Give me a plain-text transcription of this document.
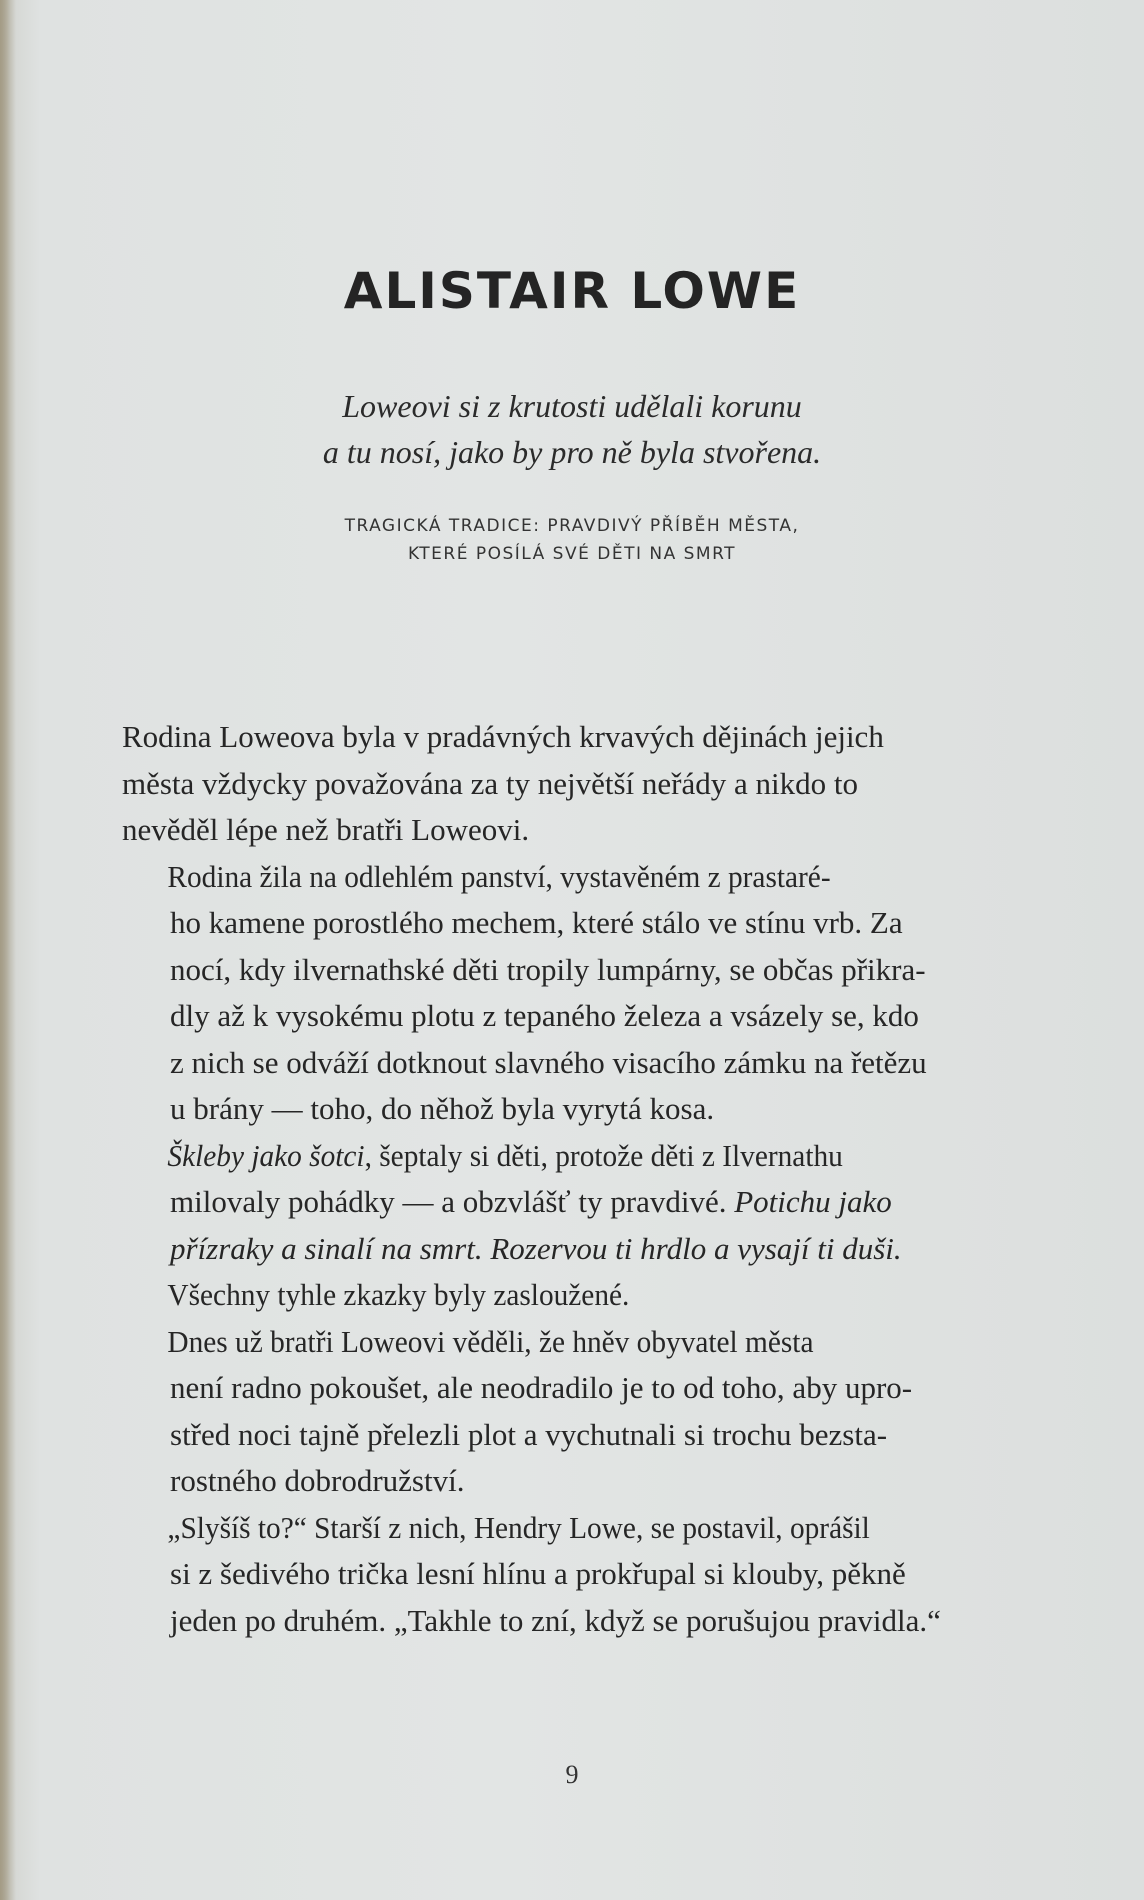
ALISTAIR LOWE
Loweovi si z krutosti udělali korunu
a tu nosí, jako by pro ně byla stvořena.
TRAGICKÁ TRADICE: PRAVDIVÝ PŘÍBĚH MĚSTA,
KTERÉ POSÍLÁ SVÉ DĚTI NA SMRT

Rodina Loweova byla v pradávných krvavých dějinách jejich
města vždycky považována za ty největší neřády a nikdo to
nevěděl lépe než bratři Loweovi.

Rodina žila na odlehlém panství, vystavěném z prastaré-
ho kamene porostlého mechem, které stálo ve stínu vrb. Za
nocí, kdy ilvernathské děti tropily lumpárny, se občas přikra-
dly až k vysokému plotu z tepaného železa a vsázely se, kdo
z nich se odváží dotknout slavného visacího zámku na řetězu
u brány — toho, do něhož byla vyrytá kosa.

Škleby jako šotci, šeptaly si děti, protože děti z Ilvernathu
milovaly pohádky — a obzvlášť ty pravdivé. Potichu jako
přízraky a sinalí na smrt. Rozervou ti hrdlo a vysají ti duši.

Všechny tyhle zkazky byly zasloužené.

Dnes už bratři Loweovi věděli, že hněv obyvatel města
není radno pokoušet, ale neodradilo je to od toho, aby upro-
střed noci tajně přelezli plot a vychutnali si trochu bezsta-
rostného dobrodružství.

„Slyšíš to?“ Starší z nich, Hendry Lowe, se postavil, oprášil
si z šedivého trička lesní hlínu a prokřupal si klouby, pěkně
jeden po druhém. „Takhle to zní, když se porušujou pravidla.“

9
